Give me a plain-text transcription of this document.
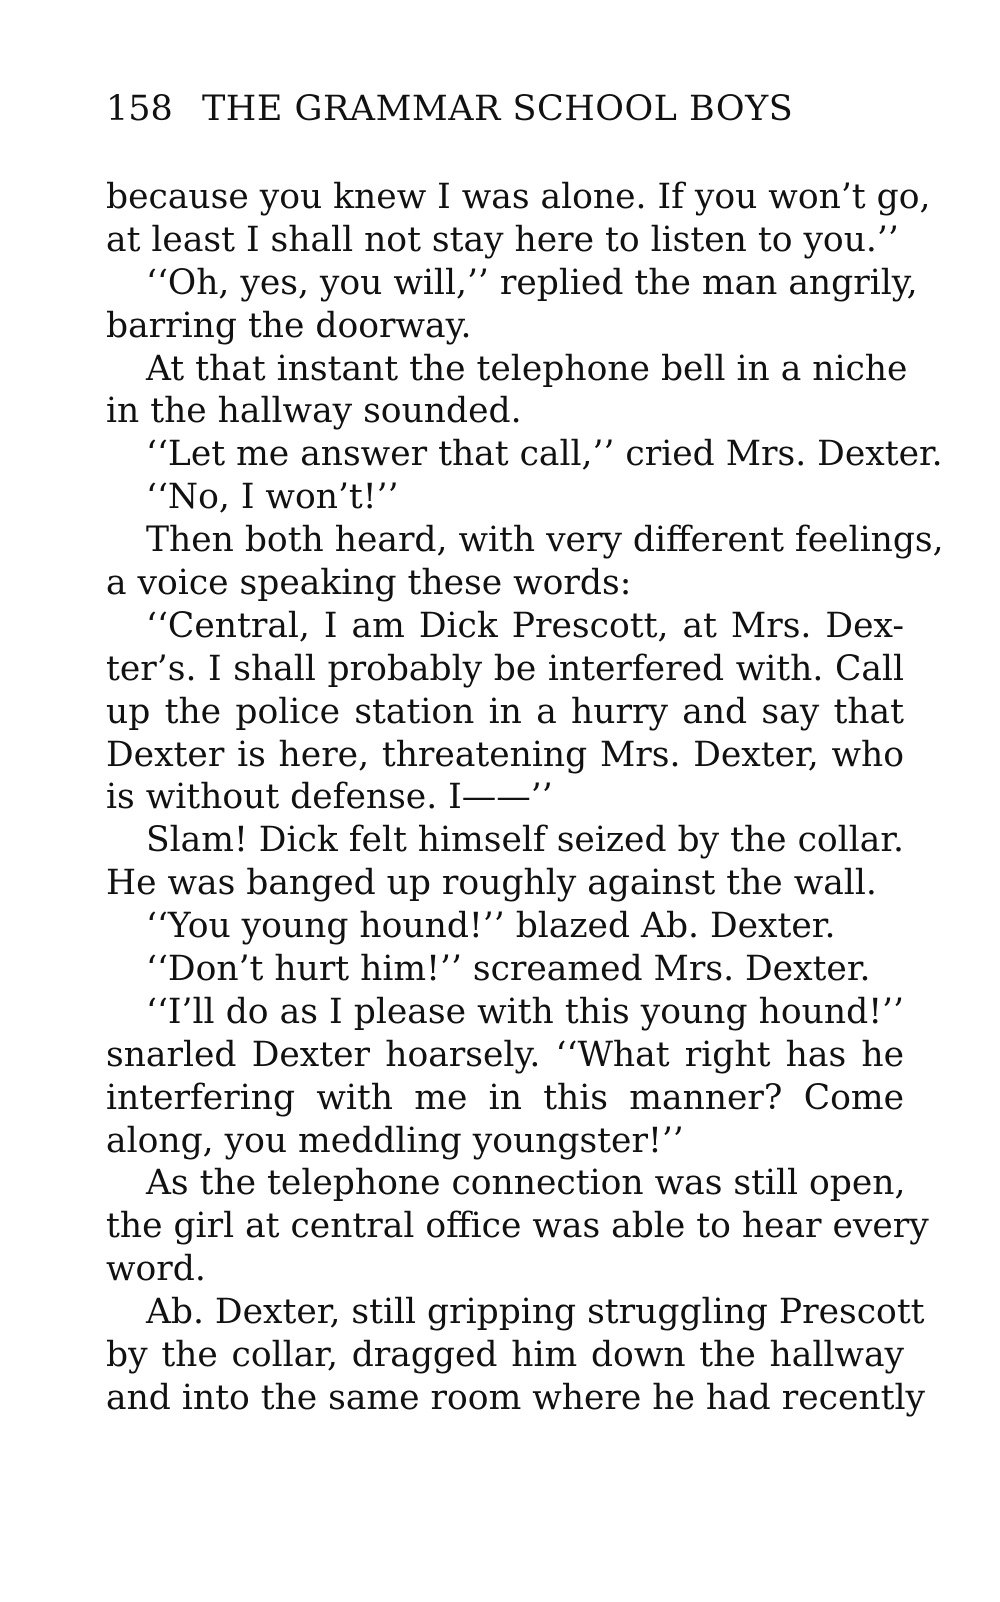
158 THE GRAMMAR SCHOOL BOYS
because you knew I was alone. If you won’t go,
at least I shall not stay here to listen to you.’’
‘‘Oh, yes, you will,’’ replied the man angrily,
barring the doorway.
At that instant the telephone bell in a niche
in the hallway sounded.
‘‘Let me answer that call,’’ cried Mrs. Dexter.
‘‘No, I won’t!’’
Then both heard, with very different feelings,
a voice speaking these words:
‘‘Central, I am Dick Prescott, at Mrs. Dex-
ter’s. I shall probably be interfered with. Call
up the police station in a hurry and say that
Dexter is here, threatening Mrs. Dexter, who
is without defense. I——’’
Slam! Dick felt himself seized by the collar.
He was banged up roughly against the wall.
‘‘You young hound!’’ blazed Ab. Dexter.
‘‘Don’t hurt him!’’ screamed Mrs. Dexter.
‘‘I’ll do as I please with this young hound!’’
snarled Dexter hoarsely. ‘‘What right has he
interfering with me in this manner? Come
along, you meddling youngster!’’
As the telephone connection was still open,
the girl at central office was able to hear every
word.
Ab. Dexter, still gripping struggling Prescott
by the collar, dragged him down the hallway
and into the same room where he had recently
